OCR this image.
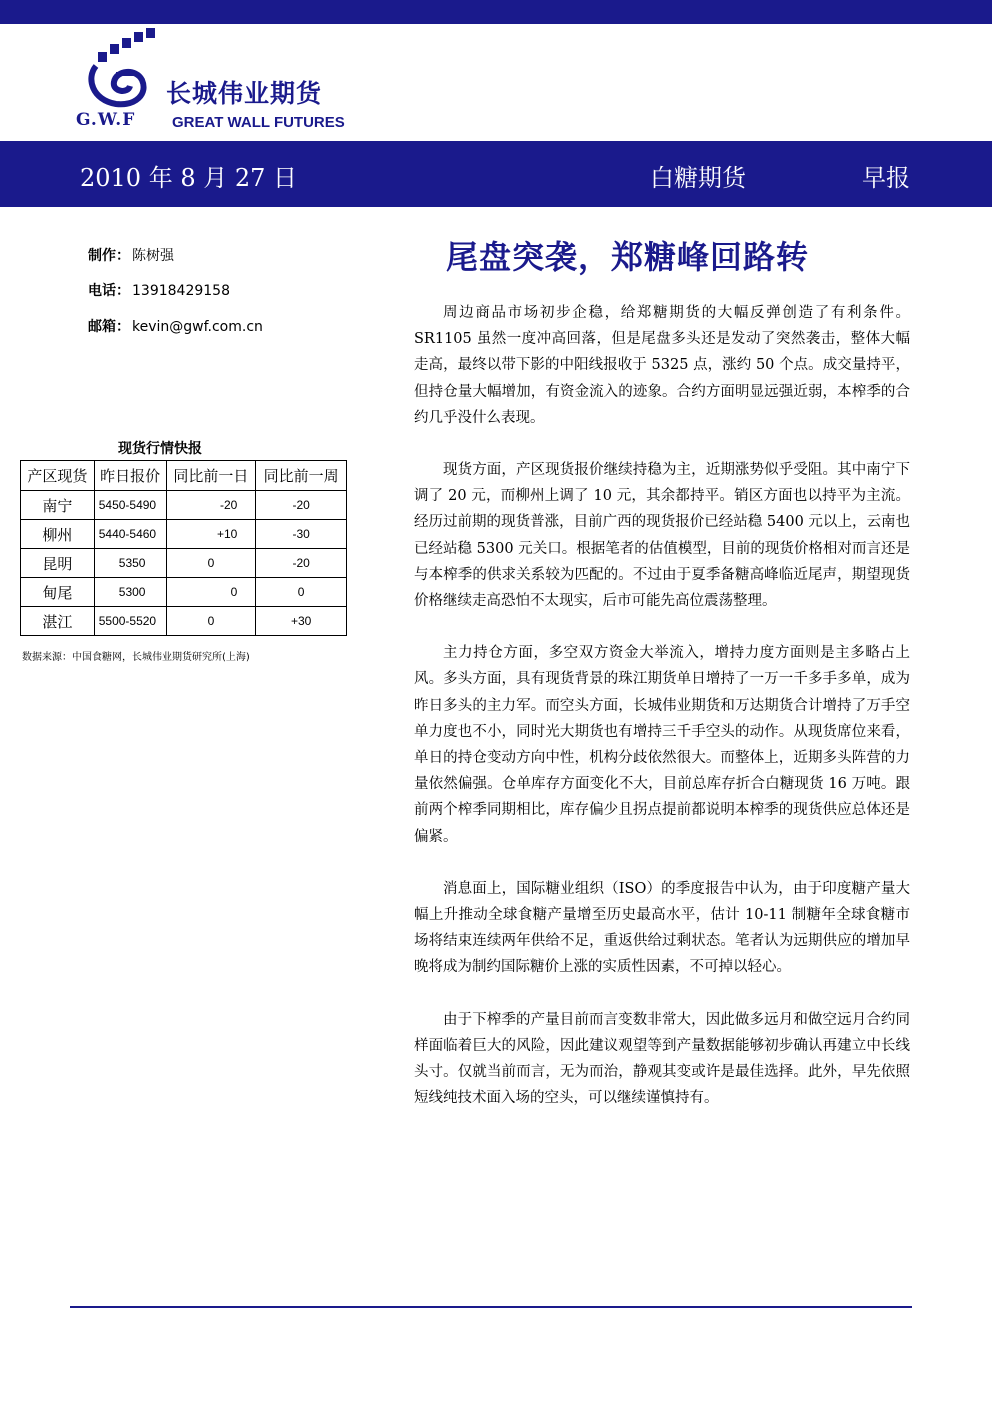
长城伟业期货
G.W.F GREAT WALL FUTURES
2010 年 8 月 27 日	白糖期货	早报
制作： 陈树强
电话： 13918429158
邮箱： kevin@gwf.com.cn
尾盘突袭，郑糖峰回路转
现货行情快报
产区现货	昨日报价	同比前一日	同比前一周
南宁	5450-5490	-20	-20
柳州	5440-5460	+10	-30
昆明	5350	0	-20
甸尾	5300	0	0
湛江	5500-5520	0	+30
数据来源：中国食糖网，长城伟业期货研究所(上海)

周边商品市场初步企稳，给郑糖期货的大幅反弹创造了有利条件。SR1105 虽然一度冲高回落，但是尾盘多头还是发动了突然袭击，整体大幅走高，最终以带下影的中阳线报收于 5325 点，涨约 50 个点。成交量持平，但持仓量大幅增加，有资金流入的迹象。合约方面明显远强近弱，本榨季的合约几乎没什么表现。

现货方面，产区现货报价继续持稳为主，近期涨势似乎受阻。其中南宁下调了 20 元，而柳州上调了 10 元，其余都持平。销区方面也以持平为主流。经历过前期的现货普涨，目前广西的现货报价已经站稳 5400 元以上，云南也已经站稳 5300 元关口。根据笔者的估值模型，目前的现货价格相对而言还是与本榨季的供求关系较为匹配的。不过由于夏季备糖高峰临近尾声，期望现货价格继续走高恐怕不太现实，后市可能先高位震荡整理。

主力持仓方面，多空双方资金大举流入，增持力度方面则是主多略占上风。多头方面，具有现货背景的珠江期货单日增持了一万一千多手多单，成为昨日多头的主力军。而空头方面，长城伟业期货和万达期货合计增持了万手空单力度也不小，同时光大期货也有增持三千手空头的动作。从现货席位来看，单日的持仓变动方向中性，机构分歧依然很大。而整体上，近期多头阵营的力量依然偏强。仓单库存方面变化不大，目前总库存折合白糖现货 16 万吨。跟前两个榨季同期相比，库存偏少且拐点提前都说明本榨季的现货供应总体还是偏紧。

消息面上，国际糖业组织（ISO）的季度报告中认为，由于印度糖产量大幅上升推动全球食糖产量增至历史最高水平，估计 10-11 制糖年全球食糖市场将结束连续两年供给不足，重返供给过剩状态。笔者认为远期供应的增加早晚将成为制约国际糖价上涨的实质性因素，不可掉以轻心。

由于下榨季的产量目前而言变数非常大，因此做多远月和做空远月合约同样面临着巨大的风险，因此建议观望等到产量数据能够初步确认再建立中长线头寸。仅就当前而言，无为而治，静观其变或许是最佳选择。此外，早先依照短线纯技术面入场的空头，可以继续谨慎持有。
